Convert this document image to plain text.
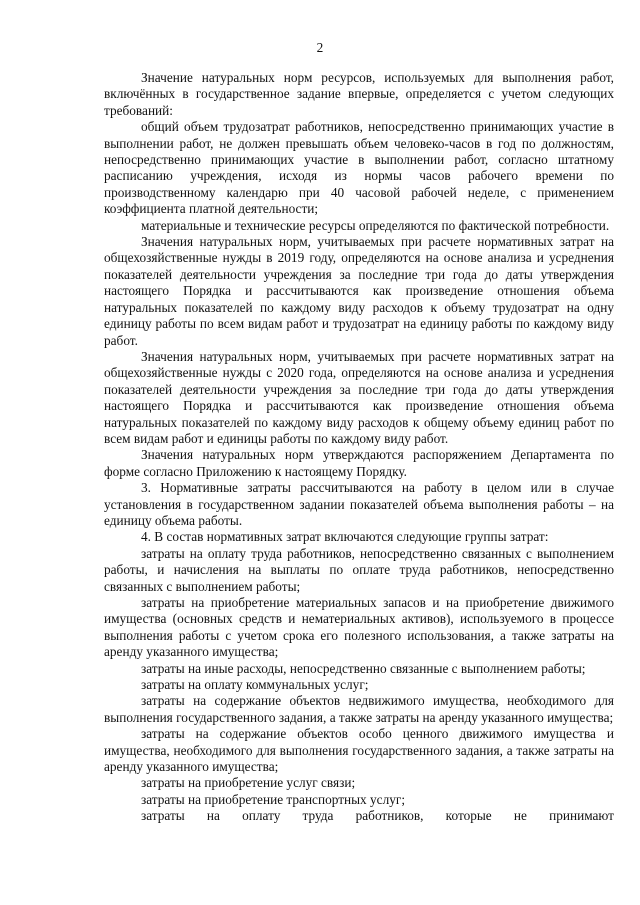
2

Значение натуральных норм ресурсов, используемых для выполнения работ, включённых в государственное задание впервые, определяется с учетом следующих требований:

общий объем трудозатрат работников, непосредственно принимающих участие в выполнении работ, не должен превышать объем человеко-часов в год по должностям, непосредственно принимающих участие в выполнении работ, согласно штатному расписанию учреждения, исходя из нормы часов рабочего времени по производственному календарю при 40 часовой рабочей неделе, с применением коэффициента платной деятельности;

материальные и технические ресурсы определяются по фактической потребности.

Значения натуральных норм, учитываемых при расчете нормативных затрат на общехозяйственные нужды в 2019 году, определяются на основе анализа и усреднения показателей деятельности учреждения за последние три года до даты утверждения настоящего Порядка и рассчитываются как произведение отношения объема натуральных показателей по каждому виду расходов к объему трудозатрат на одну единицу работы по всем видам работ и трудозатрат на единицу работы по каждому виду работ.

Значения натуральных норм, учитываемых при расчете нормативных затрат на общехозяйственные нужды с 2020 года, определяются на основе анализа и усреднения показателей деятельности учреждения за последние три года до даты утверждения настоящего Порядка и рассчитываются как произведение отношения объема натуральных показателей по каждому виду расходов к общему объему единиц работ по всем видам работ и единицы работы по каждому виду работ.

Значения натуральных норм утверждаются распоряжением Департамента по форме согласно Приложению к настоящему Порядку.

3. Нормативные затраты рассчитываются на работу в целом или в случае установления в государственном задании показателей объема выполнения работы – на единицу объема работы.

4. В состав нормативных затрат включаются следующие группы затрат:

затраты на оплату труда работников, непосредственно связанных с выполнением работы, и начисления на выплаты по оплате труда работников, непосредственно связанных с выполнением работы;

затраты на приобретение материальных запасов и на приобретение движимого имущества (основных средств и нематериальных активов), используемого в процессе выполнения работы с учетом срока его полезного использования, а также затраты на аренду указанного имущества;

затраты на иные расходы, непосредственно связанные с выполнением работы;

затраты на оплату коммунальных услуг;

затраты на содержание объектов недвижимого имущества, необходимого для выполнения государственного задания, а также затраты на аренду указанного имущества;

затраты на содержание объектов особо ценного движимого имущества и имущества, необходимого для выполнения государственного задания, а также затраты на аренду указанного имущества;

затраты на приобретение услуг связи;

затраты на приобретение транспортных услуг;

затраты на оплату труда работников, которые не принимают
